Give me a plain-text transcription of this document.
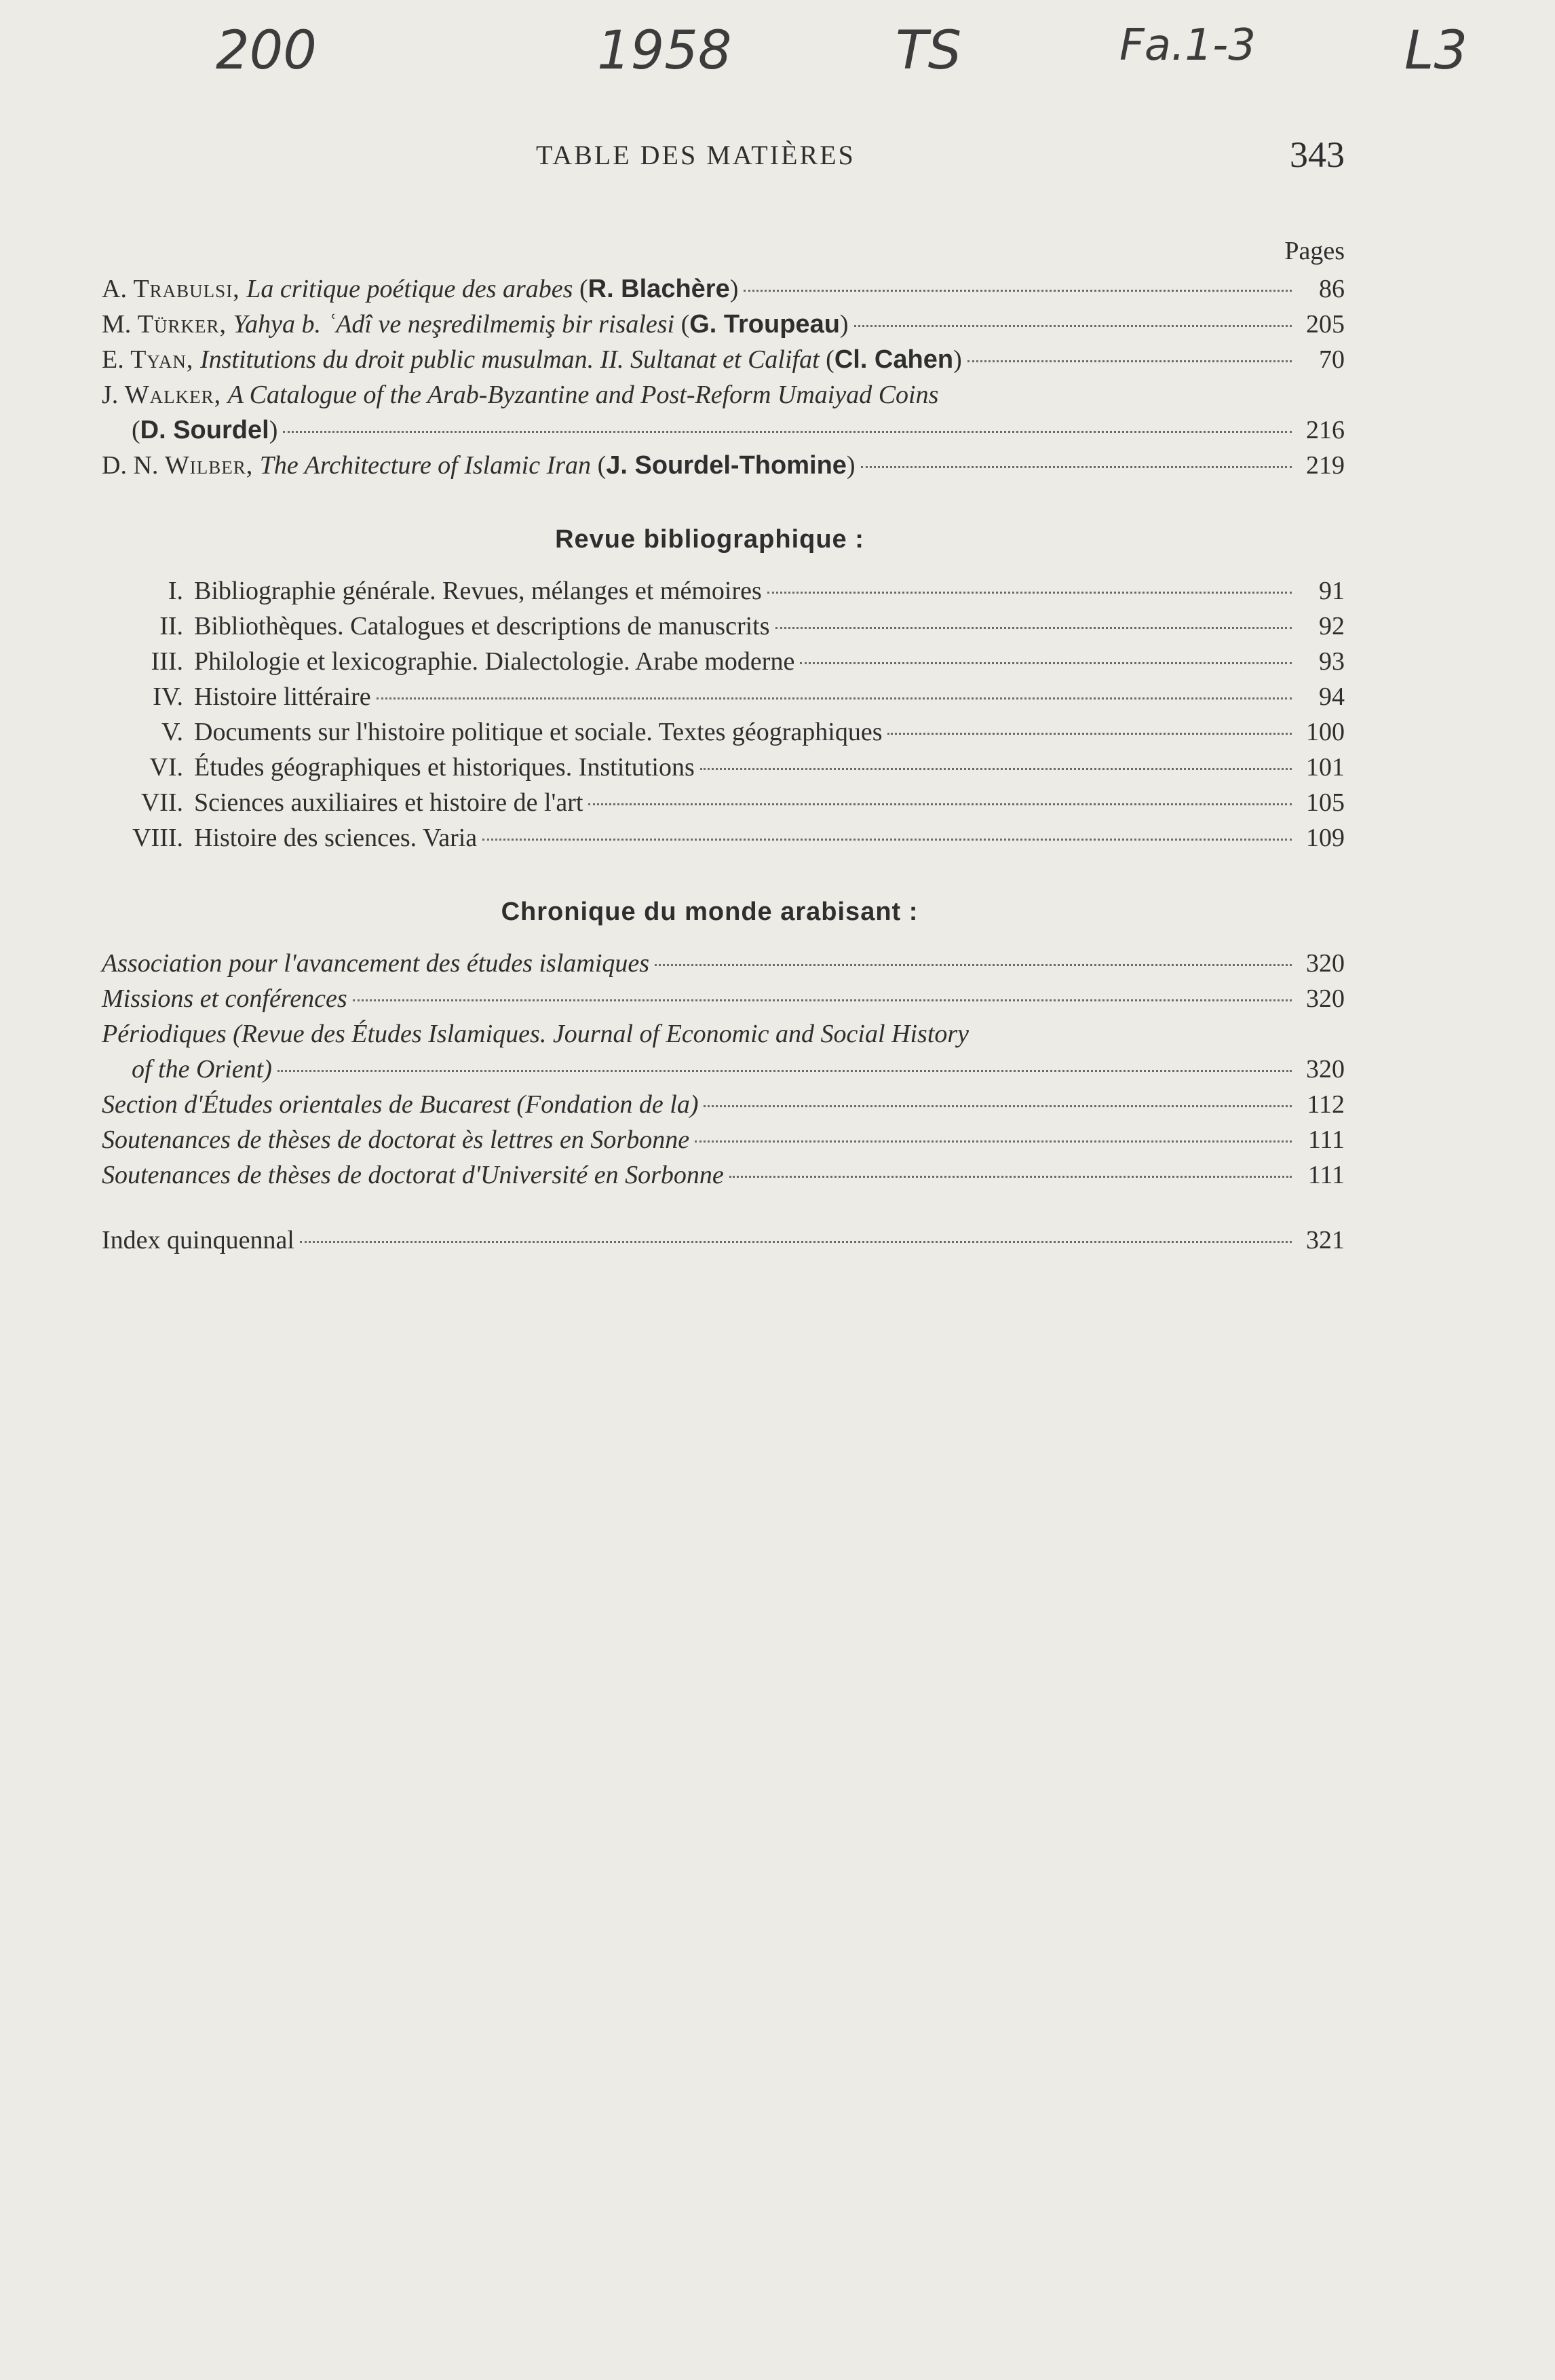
200	1958	TS	Fa.1-3	L3
TABLE DES MATIÈRES	343
Pages
A. Trabulsi, La critique poétique des arabes (R. Blachère)	86
M. Türker, Yahya b. ʿAdî ve neşredilmemiş bir risalesi (G. Troupeau)	205
E. Tyan, Institutions du droit public musulman. II. Sultanat et Califat (Cl. Cahen)	70
J. Walker, A Catalogue of the Arab-Byzantine and Post-Reform Umaiyad Coins
(D. Sourdel)	216
D. N. Wilber, The Architecture of Islamic Iran (J. Sourdel-Thomine)	219
Revue bibliographique :
I. Bibliographie générale. Revues, mélanges et mémoires	91
II. Bibliothèques. Catalogues et descriptions de manuscrits	92
III. Philologie et lexicographie. Dialectologie. Arabe moderne	93
IV. Histoire littéraire	94
V. Documents sur l'histoire politique et sociale. Textes géographiques	100
VI. Études géographiques et historiques. Institutions	101
VII. Sciences auxiliaires et histoire de l'art	105
VIII. Histoire des sciences. Varia	109
Chronique du monde arabisant :
Association pour l'avancement des études islamiques	320
Missions et conférences	320
Périodiques (Revue des Études Islamiques. Journal of Economic and Social History
of the Orient)	320
Section d'Études orientales de Bucarest (Fondation de la)	112
Soutenances de thèses de doctorat ès lettres en Sorbonne	111
Soutenances de thèses de doctorat d'Université en Sorbonne	111
Index quinquennal	321
